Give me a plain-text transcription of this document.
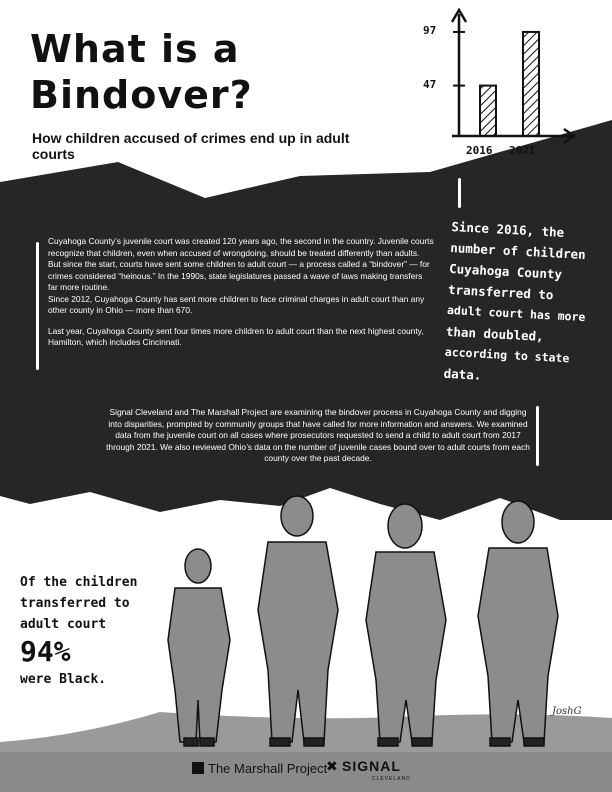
47
97
2016 2021
What is a
Bindover?
How children accused of crimes end up in adult courts

Cuyahoga County’s juvenile court was created 120 years ago, the second in the country. Juvenile courts recognize that children, even when accused of wrongdoing, should be treated differently than adults. But since the start, courts have sent some children to adult court — a process called a “bindover” — for crimes considered “heinous.” In the 1990s, state legislatures passed a wave of laws making transfers far more routine.

Since 2012, Cuyahoga County has sent more children to face criminal charges in adult court than any other county in Ohio — more than 670.

Last year, Cuyahoga County sent four times more children to adult court than the next highest county, Hamilton, which includes Cincinnati.

Signal Cleveland and The Marshall Project are examining the bindover process in Cuyahoga County and digging into disparities, prompted by community groups that have called for more information and answers. We examined data from the juvenile court on all cases where prosecutors requested to send a child to adult court from 2017 through 2021. We also reviewed Ohio’s data on the number of juvenile cases bound over to adult courts from each county over the past decade.
Since 2016, the
number of children
Cuyahoga County
transferred to
adult court has more
than doubled,
according to state
data.
Of the children
transferred to
adult court
94%
were Black.
JoshG
The Marshall Project
✖ SIGNAL
CLEVELAND
